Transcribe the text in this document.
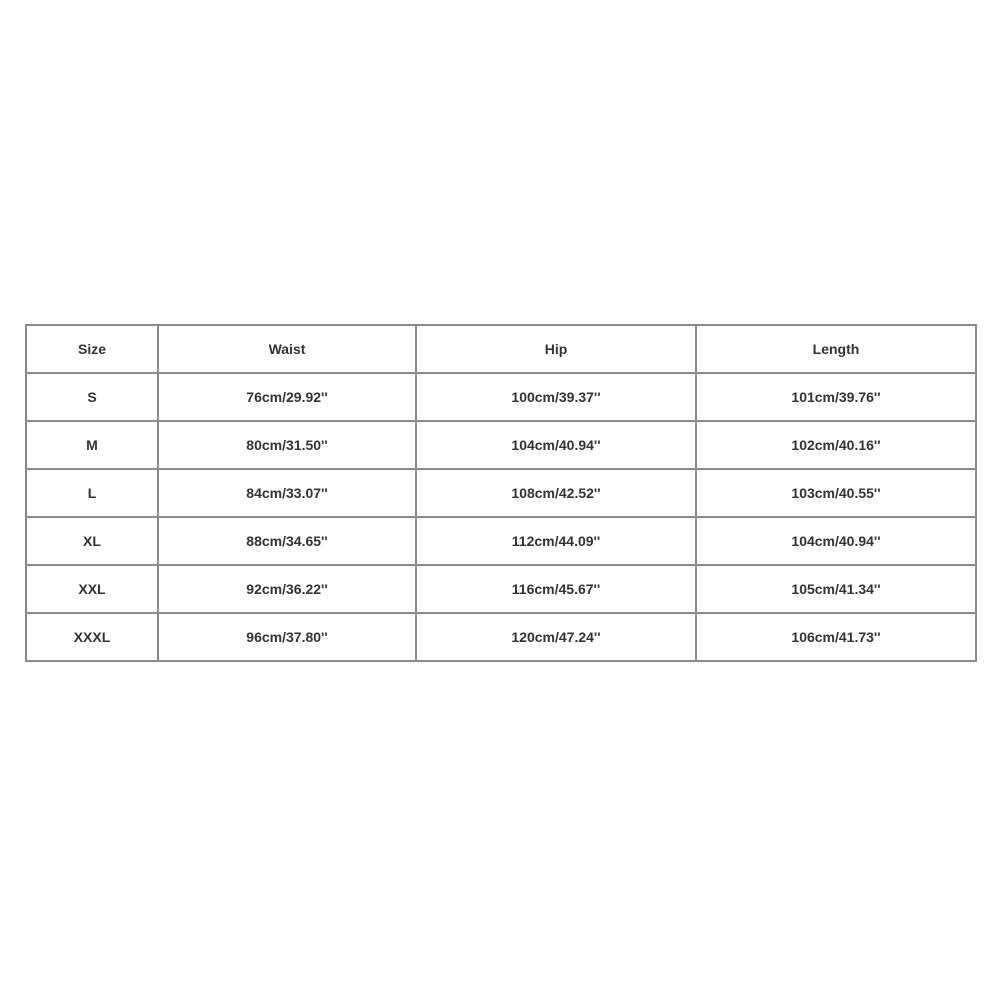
Size	Waist	Hip	Length
S	76cm/29.92''	100cm/39.37''	101cm/39.76''
M	80cm/31.50''	104cm/40.94''	102cm/40.16''
L	84cm/33.07''	108cm/42.52''	103cm/40.55''
XL	88cm/34.65''	112cm/44.09''	104cm/40.94''
XXL	92cm/36.22''	116cm/45.67''	105cm/41.34''
XXXL	96cm/37.80''	120cm/47.24''	106cm/41.73''
